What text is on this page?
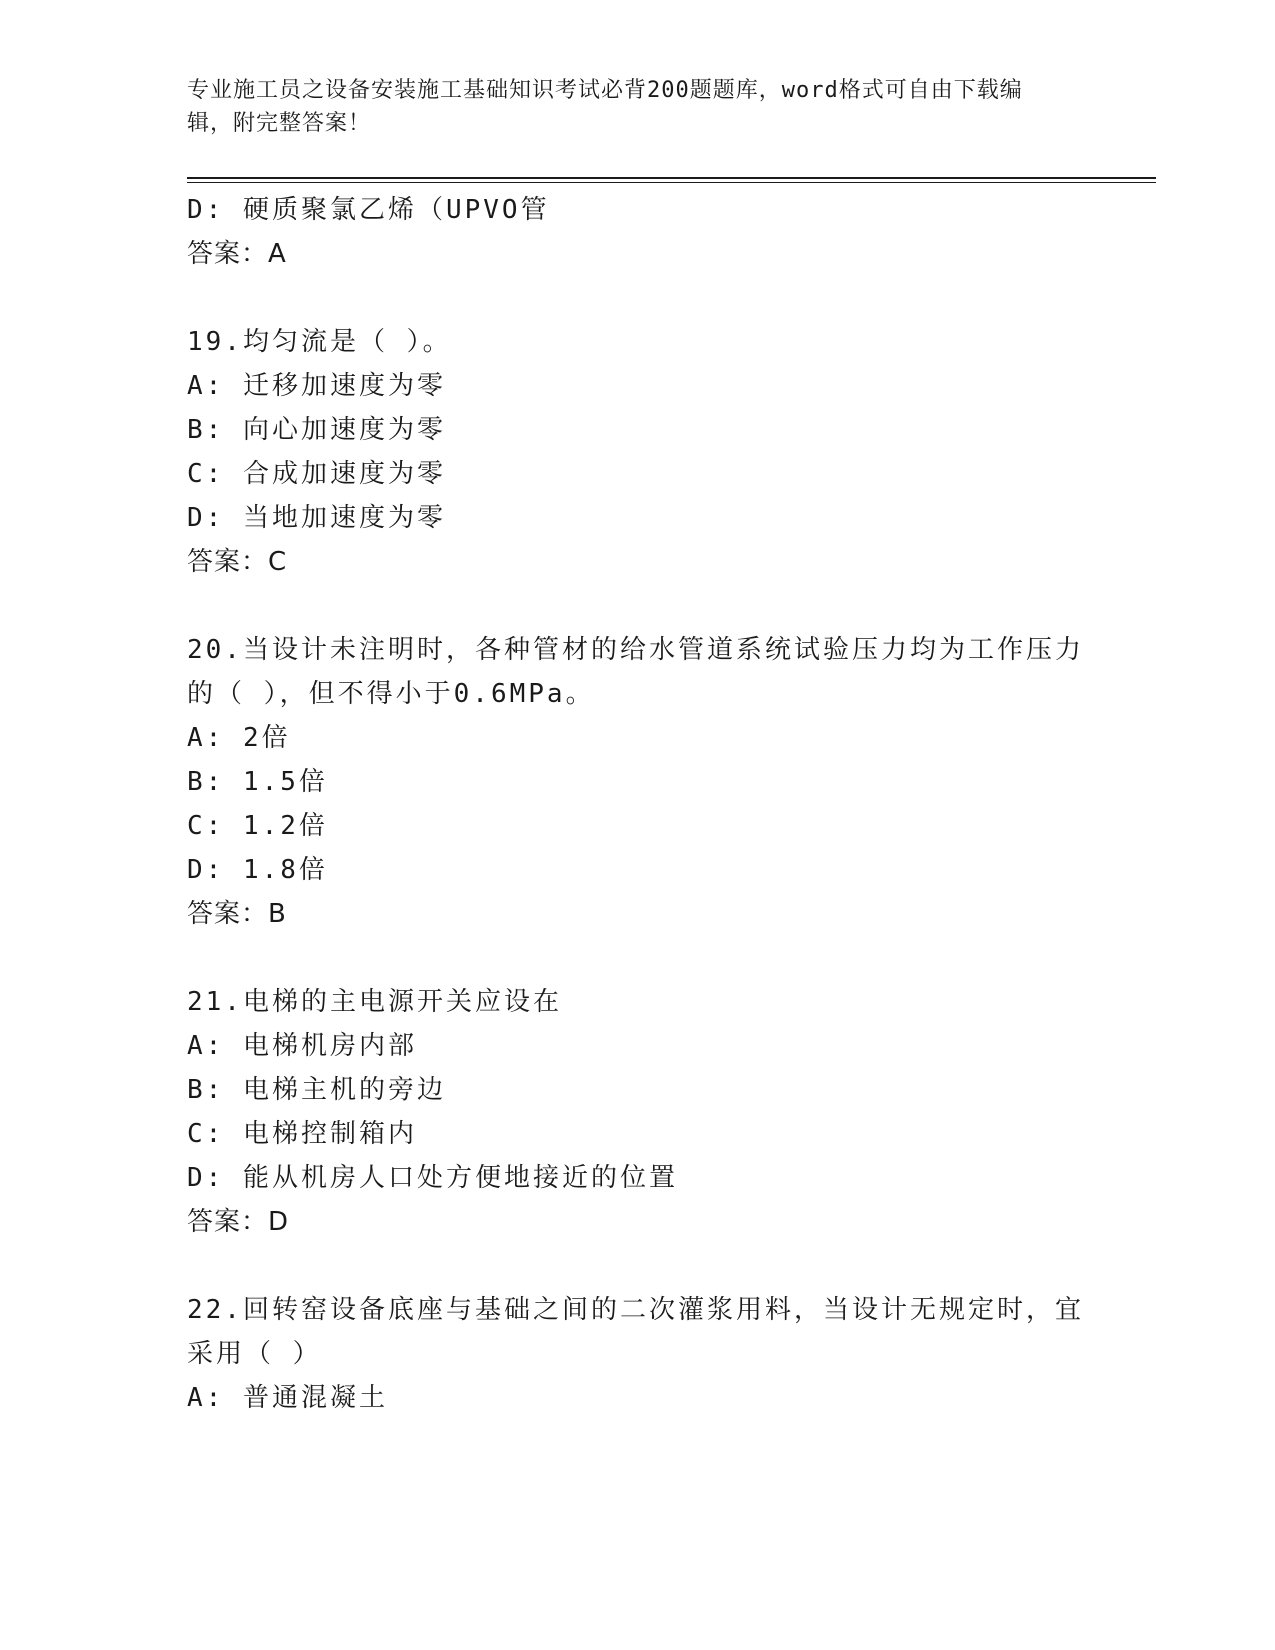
专业施工员之设备安装施工基础知识考试必背200题题库，word格式可自由下载编辑，附完整答案！
D: 硬质聚氯乙烯（UPVO管
答案：A
19.均匀流是（ ）。
A: 迁移加速度为零
B: 向心加速度为零
C: 合成加速度为零
D: 当地加速度为零
答案：C
20.当设计未注明时，各种管材的给水管道系统试验压力均为工作压力
的（ ），但不得小于0.6MPa。
A: 2倍
B: 1.5倍
C: 1.2倍
D: 1.8倍
答案：B
21.电梯的主电源开关应设在
A: 电梯机房内部
B: 电梯主机的旁边
C: 电梯控制箱内
D: 能从机房人口处方便地接近的位置
答案：D
22.回转窑设备底座与基础之间的二次灌浆用料，当设计无规定时，宜
采用（ ）
A: 普通混凝土
